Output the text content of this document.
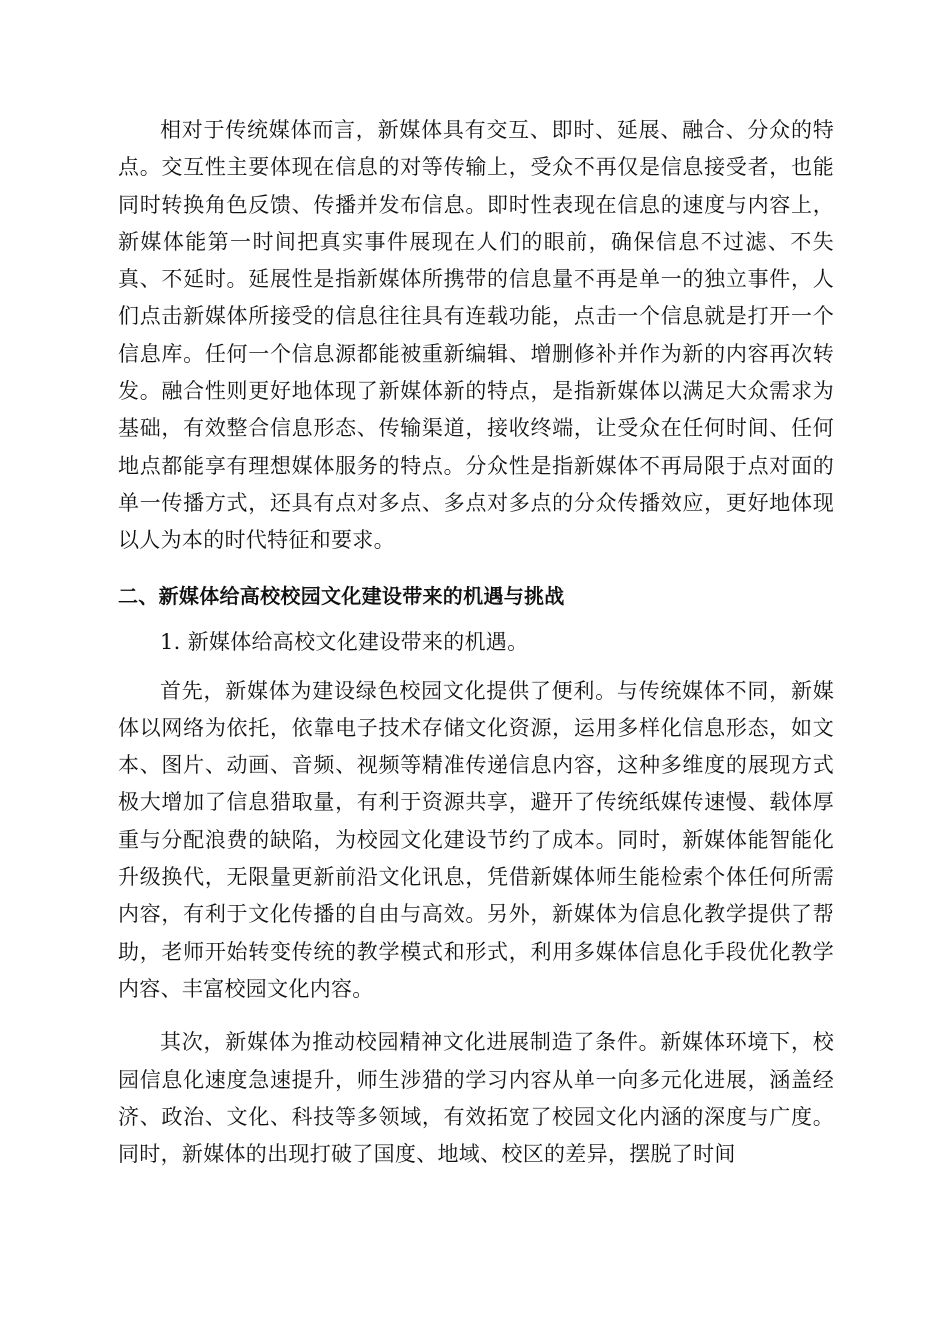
相对于传统媒体而言，新媒体具有交互、即时、延展、融合、分众的特点。交互性主要体现在信息的对等传输上，受众不再仅是信息接受者，也能同时转换角色反馈、传播并发布信息。即时性表现在信息的速度与内容上，新媒体能第一时间把真实事件展现在人们的眼前，确保信息不过滤、不失真、不延时。延展性是指新媒体所携带的信息量不再是单一的独立事件，人们点击新媒体所接受的信息往往具有连载功能，点击一个信息就是打开一个信息库。任何一个信息源都能被重新编辑、增删修补并作为新的内容再次转发。融合性则更好地体现了新媒体新的特点，是指新媒体以满足大众需求为基础，有效整合信息形态、传输渠道，接收终端，让受众在任何时间、任何地点都能享有理想媒体服务的特点。分众性是指新媒体不再局限于点对面的单一传播方式，还具有点对多点、多点对多点的分众传播效应，更好地体现以人为本的时代特征和要求。

二、新媒体给高校校园文化建设带来的机遇与挑战

1. 新媒体给高校文化建设带来的机遇。

首先，新媒体为建设绿色校园文化提供了便利。与传统媒体不同，新媒体以网络为依托，依靠电子技术存储文化资源，运用多样化信息形态，如文本、图片、动画、音频、视频等精准传递信息内容，这种多维度的展现方式极大增加了信息猎取量，有利于资源共享，避开了传统纸媒传速慢、载体厚重与分配浪费的缺陷，为校园文化建设节约了成本。同时，新媒体能智能化升级换代，无限量更新前沿文化讯息，凭借新媒体师生能检索个体任何所需内容，有利于文化传播的自由与高效。另外，新媒体为信息化教学提供了帮助，老师开始转变传统的教学模式和形式，利用多媒体信息化手段优化教学内容、丰富校园文化内容。

其次，新媒体为推动校园精神文化进展制造了条件。新媒体环境下，校园信息化速度急速提升，师生涉猎的学习内容从单一向多元化进展，涵盖经济、政治、文化、科技等多领域，有效拓宽了校园文化内涵的深度与广度。同时，新媒体的出现打破了国度、地域、校区的差异，摆脱了时间
